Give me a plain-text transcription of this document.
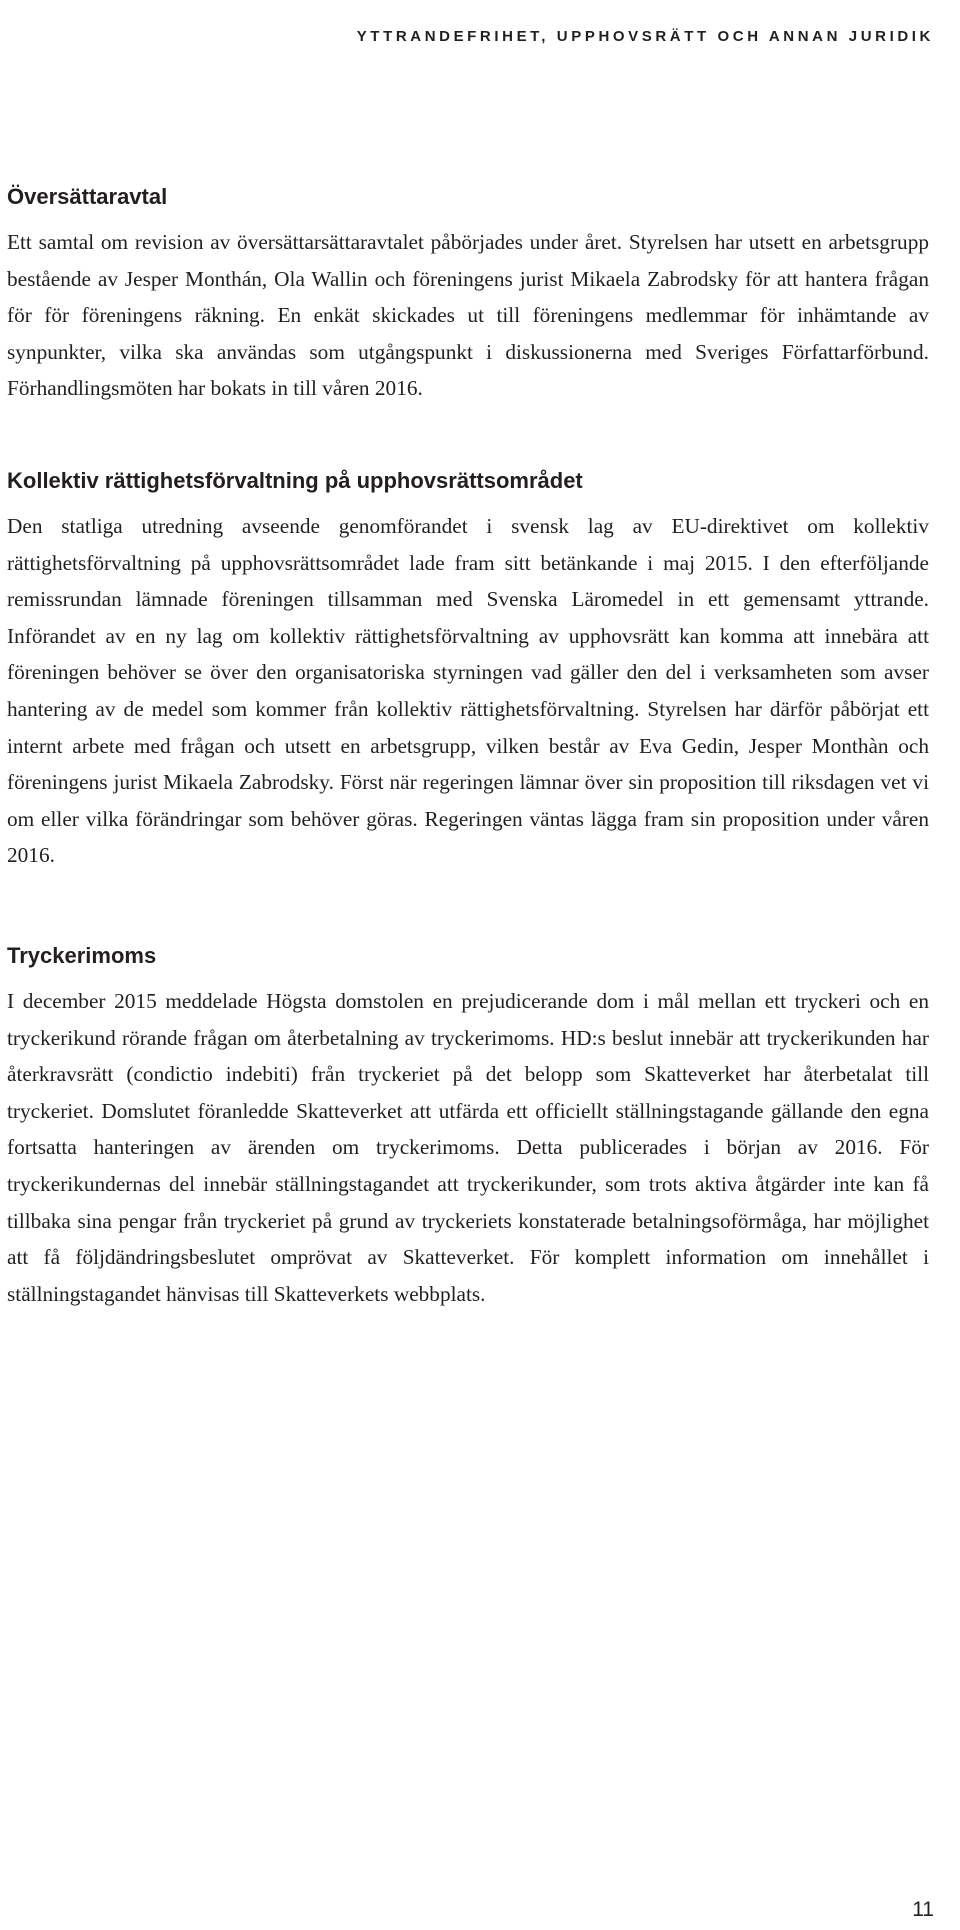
YTTRANDEFRIHET, UPPHOVSRÄTT OCH ANNAN JURIDIK
Översättaravtal

Ett samtal om revision av översättarsättaravtalet påbörjades under året. Styrelsen har utsett en arbetsgrupp bestående av Jesper Monthán, Ola Wallin och föreningens jurist Mikaela Zabrodsky för att hantera frågan för för föreningens räkning. En enkät skickades ut till föreningens medlemmar för inhämtande av synpunkter, vilka ska användas som utgångspunkt i diskussionerna med Sveriges Författarförbund. Förhandlingsmöten har bokats in till våren 2016.

Kollektiv rättighetsförvaltning på upphovsrättsområdet

Den statliga utredning avseende genomförandet i svensk lag av EU-direktivet om kollektiv rättighetsförvaltning på upphovsrättsområdet lade fram sitt betänkande i maj 2015. I den efterföljande remissrundan lämnade föreningen tillsamman med Svenska Läromedel in ett gemensamt yttrande. Införandet av en ny lag om kollektiv rättighetsförvaltning av upphovsrätt kan komma att innebära att föreningen behöver se över den organisatoriska styrningen vad gäller den del i verksamheten som avser hantering av de medel som kommer från kollektiv rättighetsförvaltning. Styrelsen har därför påbörjat ett internt arbete med frågan och utsett en arbetsgrupp, vilken består av Eva Gedin, Jesper Monthàn och föreningens jurist Mikaela Zabrodsky. Först när regeringen lämnar över sin proposition till riksdagen vet vi om eller vilka förändringar som behöver göras. Regeringen väntas lägga fram sin proposition under våren 2016.

Tryckerimoms

I december 2015 meddelade Högsta domstolen en prejudicerande dom i mål mellan ett tryckeri och en tryckerikund rörande frågan om återbetalning av tryckerimoms. HD:s beslut innebär att tryckerikunden har återkravsrätt (condictio indebiti) från tryckeriet på det belopp som Skatteverket har återbetalat till tryckeriet. Domslutet föranledde Skatteverket att utfärda ett officiellt ställningstagande gällande den egna fortsatta hanteringen av ärenden om tryckerimoms. Detta publicerades i början av 2016. För tryckerikundernas del innebär ställningstagandet att tryckerikunder, som trots aktiva åtgärder inte kan få tillbaka sina pengar från tryckeriet på grund av tryckeriets konstaterade betalningsoförmåga, har möjlighet att få följdändringsbeslutet omprövat av Skatteverket. För komplett information om innehållet i ställningstagandet hänvisas till Skatteverkets webbplats.

11
